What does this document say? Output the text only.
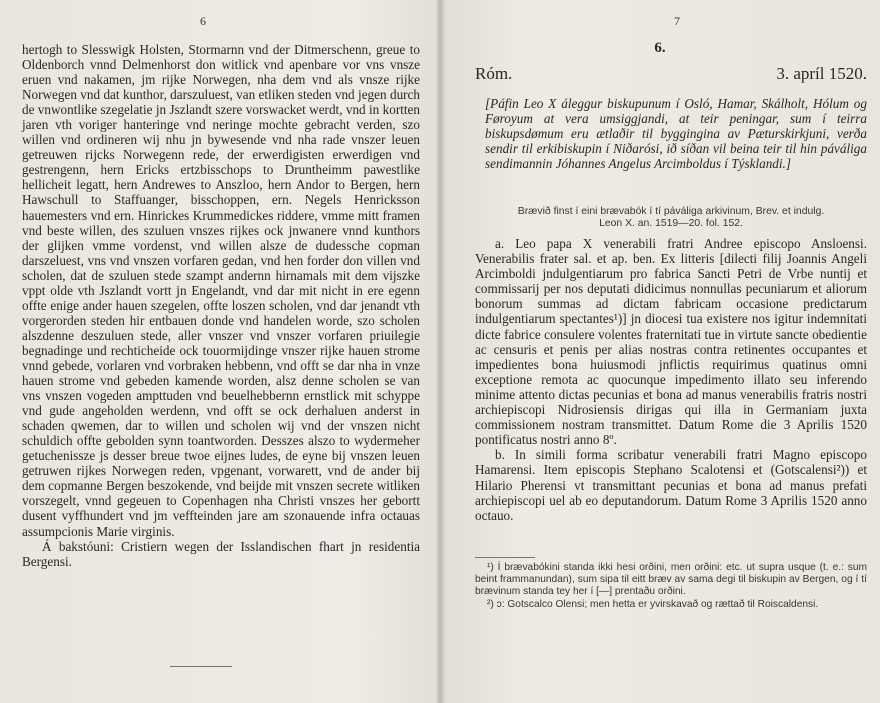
6
hertogh to Slesswigk Holsten, Stormarnn vnd der Ditmerschenn, greue to Oldenborch vnnd Delmenhorst don witlick vnd apenbare vor vns vnsze eruen vnd nakamen, jm rijke Norwegen, nha dem vnd als vnsze rijke Norwegen vnd dat kunthor, darszuluest, van etliken steden vnd jegen durch de vnwontlike szegelatie jn Jszlandt szere vorswacket werdt, vnd in kortten jaren vth voriger hanteringe vnd neringe mochte gebracht verden, szo willen vnd ordineren wij nhu jn bywesende vnd nha rade vnszer leuen getreuwen rijcks Norwegenn rede, der erwerdigisten erwerdigen vnd gestrengenn, hern Ericks ertzbisschops to Druntheimm pawestlike hellicheit legatt, hern Andrewes to Anszloo, hern Andor to Bergen, hern Hawschull to Staffuanger, bisschoppen, ern. Negels Henricksson hauemesters vnd ern. Hinrickes Krummedickes riddere, vmme mitt framen vnd beste willen, des szuluen vnszes rijkes ock jnwanere vnnd kunthors der glijken vmme vordenst, vnd willen alsze de dudessche copman darszeluest, vns vnd vnszen vorfaren gedan, vnd hen forder don villen vnd scholen, dat de szuluen stede szampt andernn hirnamals mit dem vijszke vppt olde vth Jszlandt vortt jn Engelandt, vnd dar mit nicht in ere egenn offte enige ander hauen szegelen, offte loszen scholen, vnd dar jenandt vth vorgerorden steden hir entbauen donde vnd handelen worde, szo scholen alszdenne deszuluen stede, aller vnszer vnd vnszer vorfaren priuilegie begnadinge und rechticheide ock touormijdinge vnszer rijke hauen strome vnnd gebede, vorlaren vnd vorbraken hebbenn, vnd offt se dar nha in vnze hauen strome vnd gebeden kamende worden, alsz denne scholen se van vns vnszen vogeden ampttuden vnd beuelhebbernn ernstlick mit schyppe vnd gude angeholden werdenn, vnd offt se ock derhaluen anderst in schaden qwemen, dar to willen und scholen wij vnd der vnszen nicht schuldich offte gebolden synn toantworden. Desszes alszo to wydermeher getuchenissze js desser breue twoe eijnes ludes, de eyne bij vnszen leuen getruwen rijkes Norwegen reden, vpgenant, vorwarett, vnd de ander bij dem copmanne Bergen beszokende, vnd beijde mit vnszen secrete witliken vorszegelt, vnnd gegeuen to Copenhagen nha Christi vnszes her gebortt dusent vyffhundert vnd jm veffteinden jare am szonauende infra octauas assumpcionis Marie virginis.
Á bakstóuni: Cristiern wegen der Isslandischen fhart jn residentia Bergensi.
7
6.
Róm.	3. apríl 1520.
[Páfin Leo X áleggur biskupunum í Osló, Hamar, Skálholt, Hólum og Føroyum at vera umsiggjandi, at teir peningar, sum í teirra biskupsdømum eru ætlaðir til byggingina av Pæturskirkjuni, verða sendir til erkibiskupin í Niðarósi, ið síðan vil beina teir til hin páváliga sendimannin Jóhannes Angelus Arcimboldus í Týsklandi.]
Brævið finst í eini brævabók í tí páváliga arkivinum, Brev. et indulg.
Leon X. an. 1519—20. fol. 152.

a. Leo papa X venerabili fratri Andree episcopo Ansloensi. Venerabilis frater sal. et ap. ben. Ex litteris [dilecti filij Joannis Angeli Arcimboldi jndulgentiarum pro fabrica Sancti Petri de Vrbe nuntij et commissarij per nos deputati didicimus nonnullas pecuniarum et aliorum bonorum summas ad dictam fabricam occasione predictarum indulgentiarum spectantes¹)] jn diocesi tua existere nos igitur indemnitati dicte fabrice consulere volentes fraternitati tue in virtute sancte obedientie ac censuris et penis per alias nostras contra retinentes occupantes et impedientes bona huiusmodi jnflictis requirimus quatinus omni exceptione remota ac quocunque impedimento illato seu inferendo minime attento dictas pecunias et bona ad manus venerabilis fratris nostri archiepiscopi Nidrosiensis dirigas qui illa in Germaniam juxta commissionem nostram transmittet. Datum Rome die 3 Aprilis 1520 pontificatus nostri anno 8º.

b. In simili forma scribatur venerabili fratri Magno episcopo Hamarensi. Item episcopis Stephano Scalotensi et (Gotscalensi²)) et Hilario Pherensi vt transmittant pecunias et bona ad manus prefati archiepiscopi uel ab eo deputandorum. Datum Rome 3 Aprilis 1520 anno octauo.

¹) Í brævabókini standa ikki hesi orðini, men orðini: etc. ut supra usque (t. e.: sum beint frammanundan), sum sipa til eitt bræv av sama degi til biskupin av Bergen, og í tí brævinum standa tey her í [—] prentaðu orðini.

²) ɔ: Gotscalco Olensi; men hetta er yvirskavað og rættað til Roiscaldensi.
